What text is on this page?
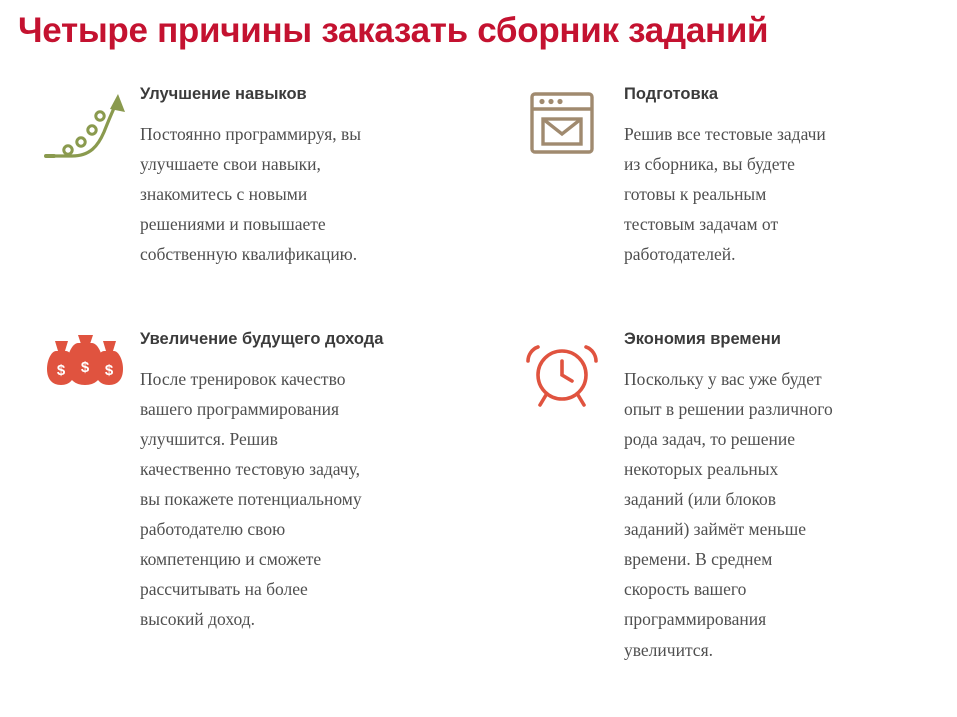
Четыре причины заказать сборник заданий
Улучшение навыков

Постоянно программируя, вы улучшаете свои навыки, знакомитесь с новыми решениями и повышаете собственную квалификацию.

Подготовка

Решив все тестовые задачи из сборника, вы будете готовы к реальным тестовым задачам от работодателей.

$ $ $
Увеличение будущего дохода

После тренировок качество вашего программирования улучшится. Решив качественно тестовую задачу, вы покажете потенциальному работодателю свою компетенцию и сможете рассчитывать на более высокий доход.

Экономия времени

Поскольку у вас уже будет опыт в решении различного рода задач, то решение некоторых реальных заданий (или блоков заданий) займёт меньше времени. В среднем скорость вашего программирования увеличится.
